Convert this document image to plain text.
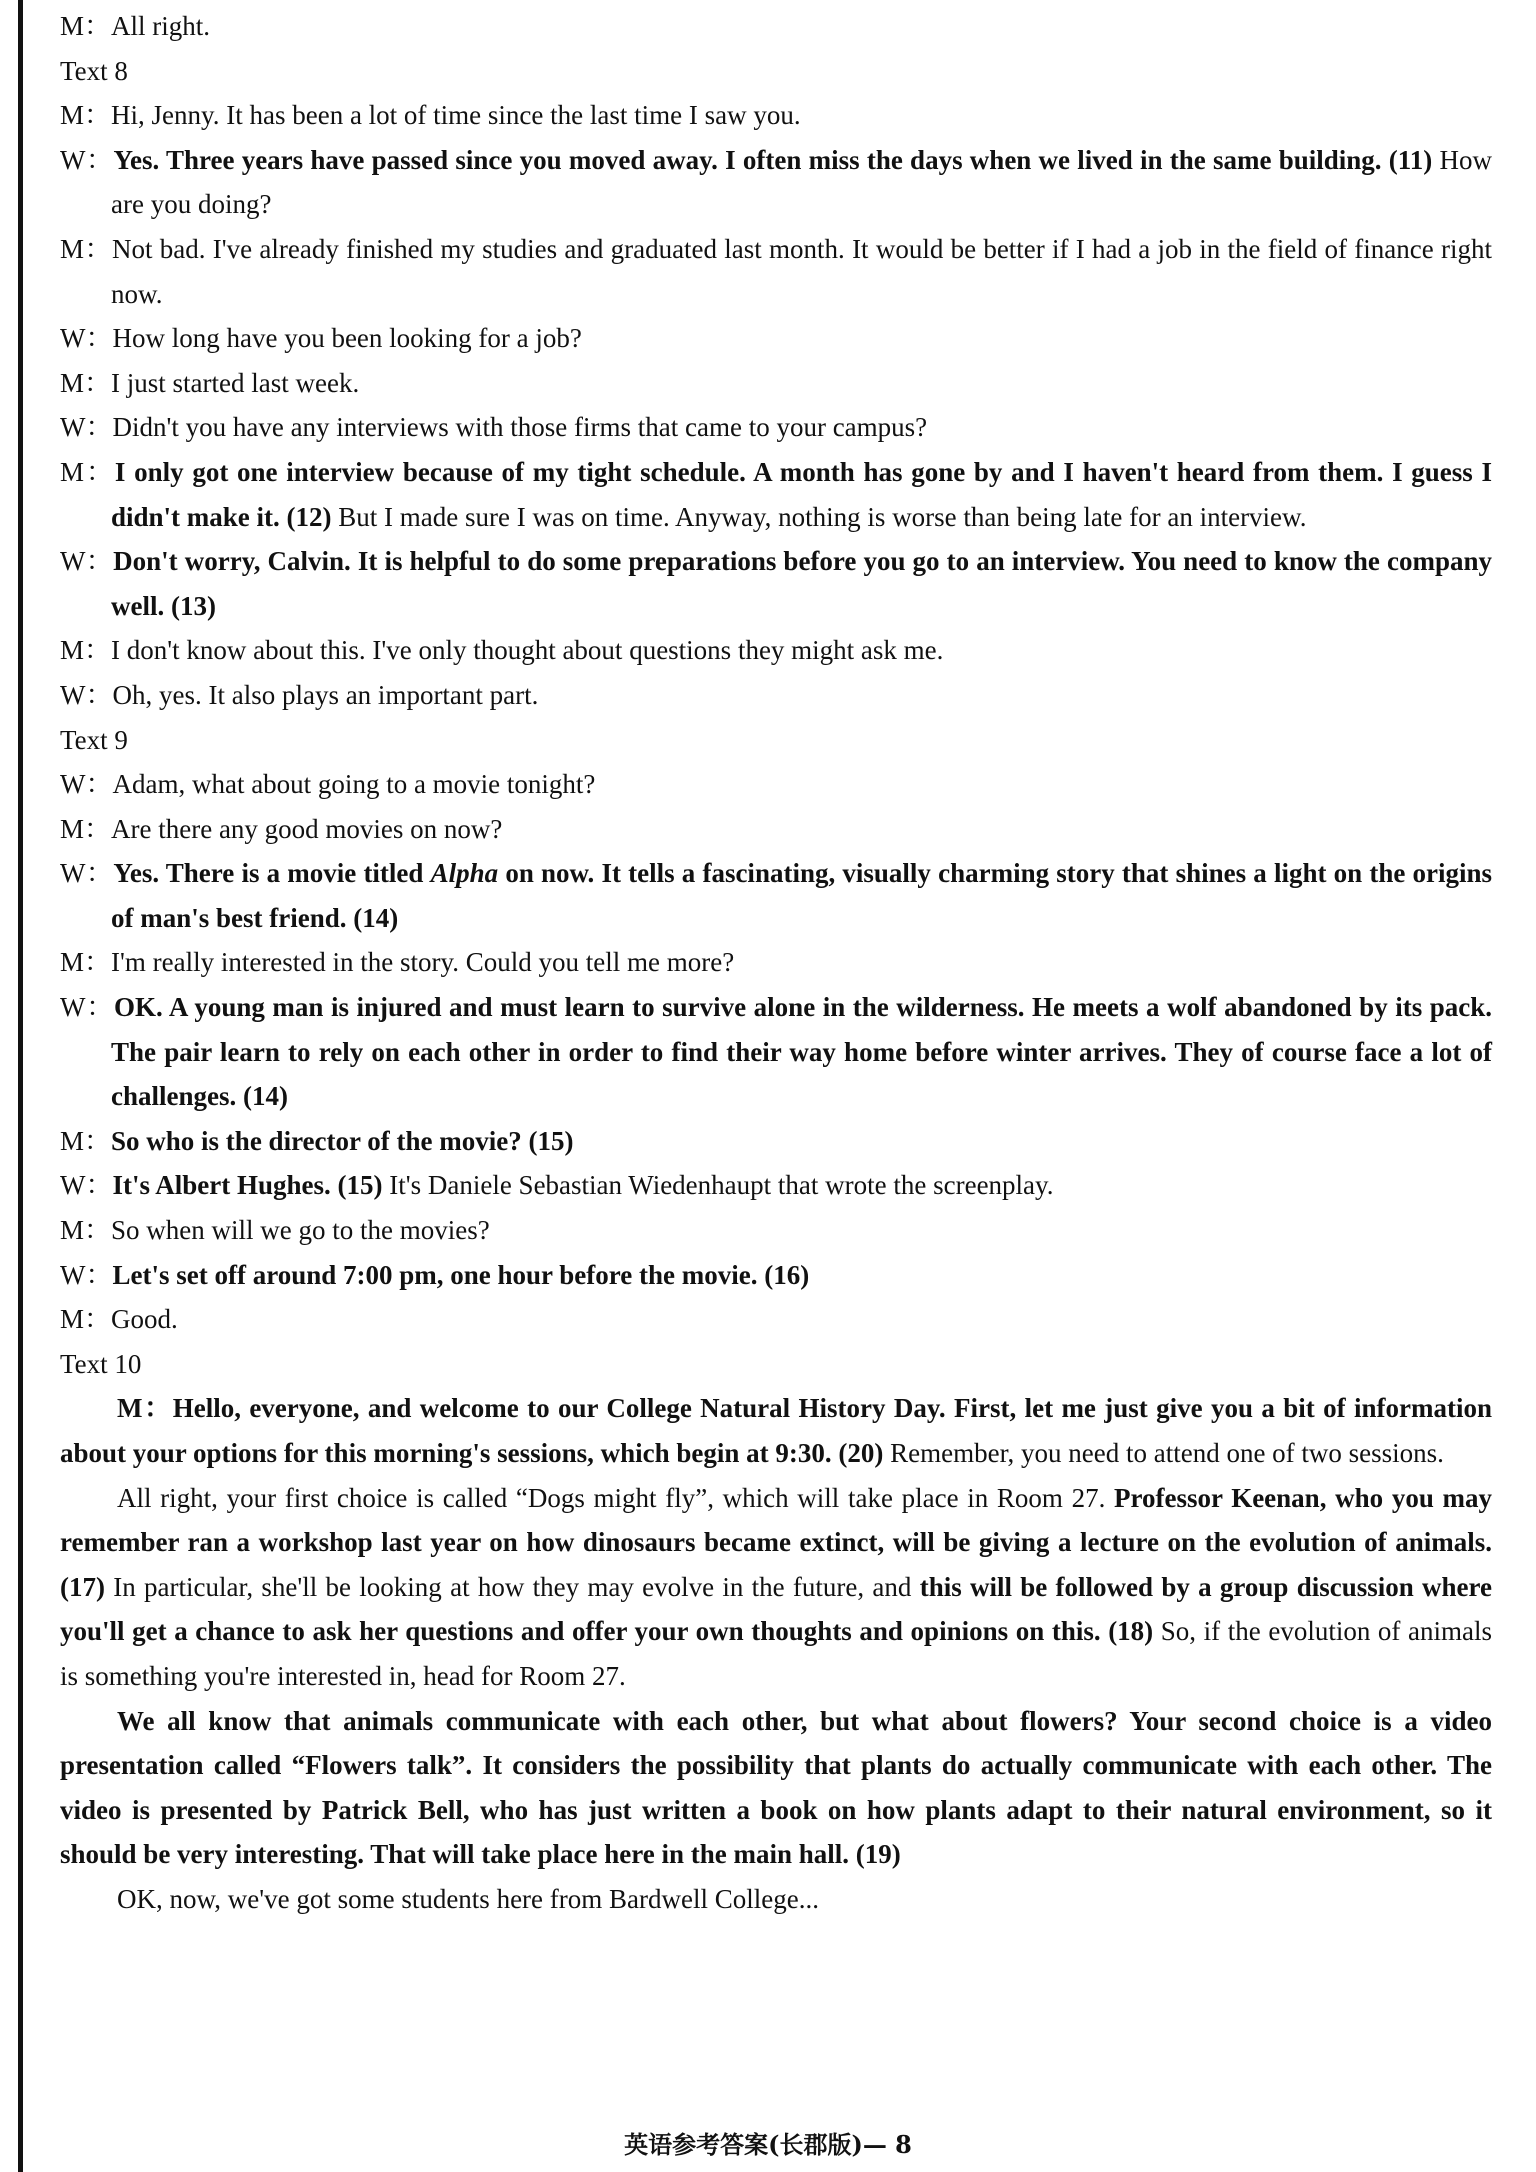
M：All right.
Text 8
M：Hi, Jenny. It has been a lot of time since the last time I saw you.
W：Yes. Three years have passed since you moved away. I often miss the days when we lived in the same building. (11) How are you doing?
M：Not bad. I've already finished my studies and graduated last month. It would be better if I had a job in the field of finance right now.
W：How long have you been looking for a job?
M：I just started last week.
W：Didn't you have any interviews with those firms that came to your campus?
M：I only got one interview because of my tight schedule. A month has gone by and I haven't heard from them. I guess I didn't make it. (12) But I made sure I was on time. Anyway, nothing is worse than being late for an interview.
W：Don't worry, Calvin. It is helpful to do some preparations before you go to an interview. You need to know the company well. (13)
M：I don't know about this. I've only thought about questions they might ask me.
W：Oh, yes. It also plays an important part.
Text 9
W：Adam, what about going to a movie tonight?
M：Are there any good movies on now?
W：Yes. There is a movie titled Alpha on now. It tells a fascinating, visually charming story that shines a light on the origins of man's best friend. (14)
M：I'm really interested in the story. Could you tell me more?
W：OK. A young man is injured and must learn to survive alone in the wilderness. He meets a wolf abandoned by its pack. The pair learn to rely on each other in order to find their way home before winter arrives. They of course face a lot of challenges. (14)
M：So who is the director of the movie? (15)
W：It's Albert Hughes. (15) It's Daniele Sebastian Wiedenhaupt that wrote the screenplay.
M：So when will we go to the movies?
W：Let's set off around 7:00 pm, one hour before the movie. (16)
M：Good.
Text 10
M：Hello, everyone, and welcome to our College Natural History Day. First, let me just give you a bit of information about your options for this morning's sessions, which begin at 9:30. (20) Remember, you need to attend one of two sessions.
All right, your first choice is called “Dogs might fly”, which will take place in Room 27. Professor Keenan, who you may remember ran a workshop last year on how dinosaurs became extinct, will be giving a lecture on the evolution of animals. (17) In particular, she'll be looking at how they may evolve in the future, and this will be followed by a group discussion where you'll get a chance to ask her questions and offer your own thoughts and opinions on this. (18) So, if the evolution of animals is something you're interested in, head for Room 27.
We all know that animals communicate with each other, but what about flowers? Your second choice is a video presentation called “Flowers talk”. It considers the possibility that plants do actually communicate with each other. The video is presented by Patrick Bell, who has just written a book on how plants adapt to their natural environment, so it should be very interesting. That will take place here in the main hall. (19)
OK, now, we've got some students here from Bardwell College...
英语参考答案(长郡版)— 8
